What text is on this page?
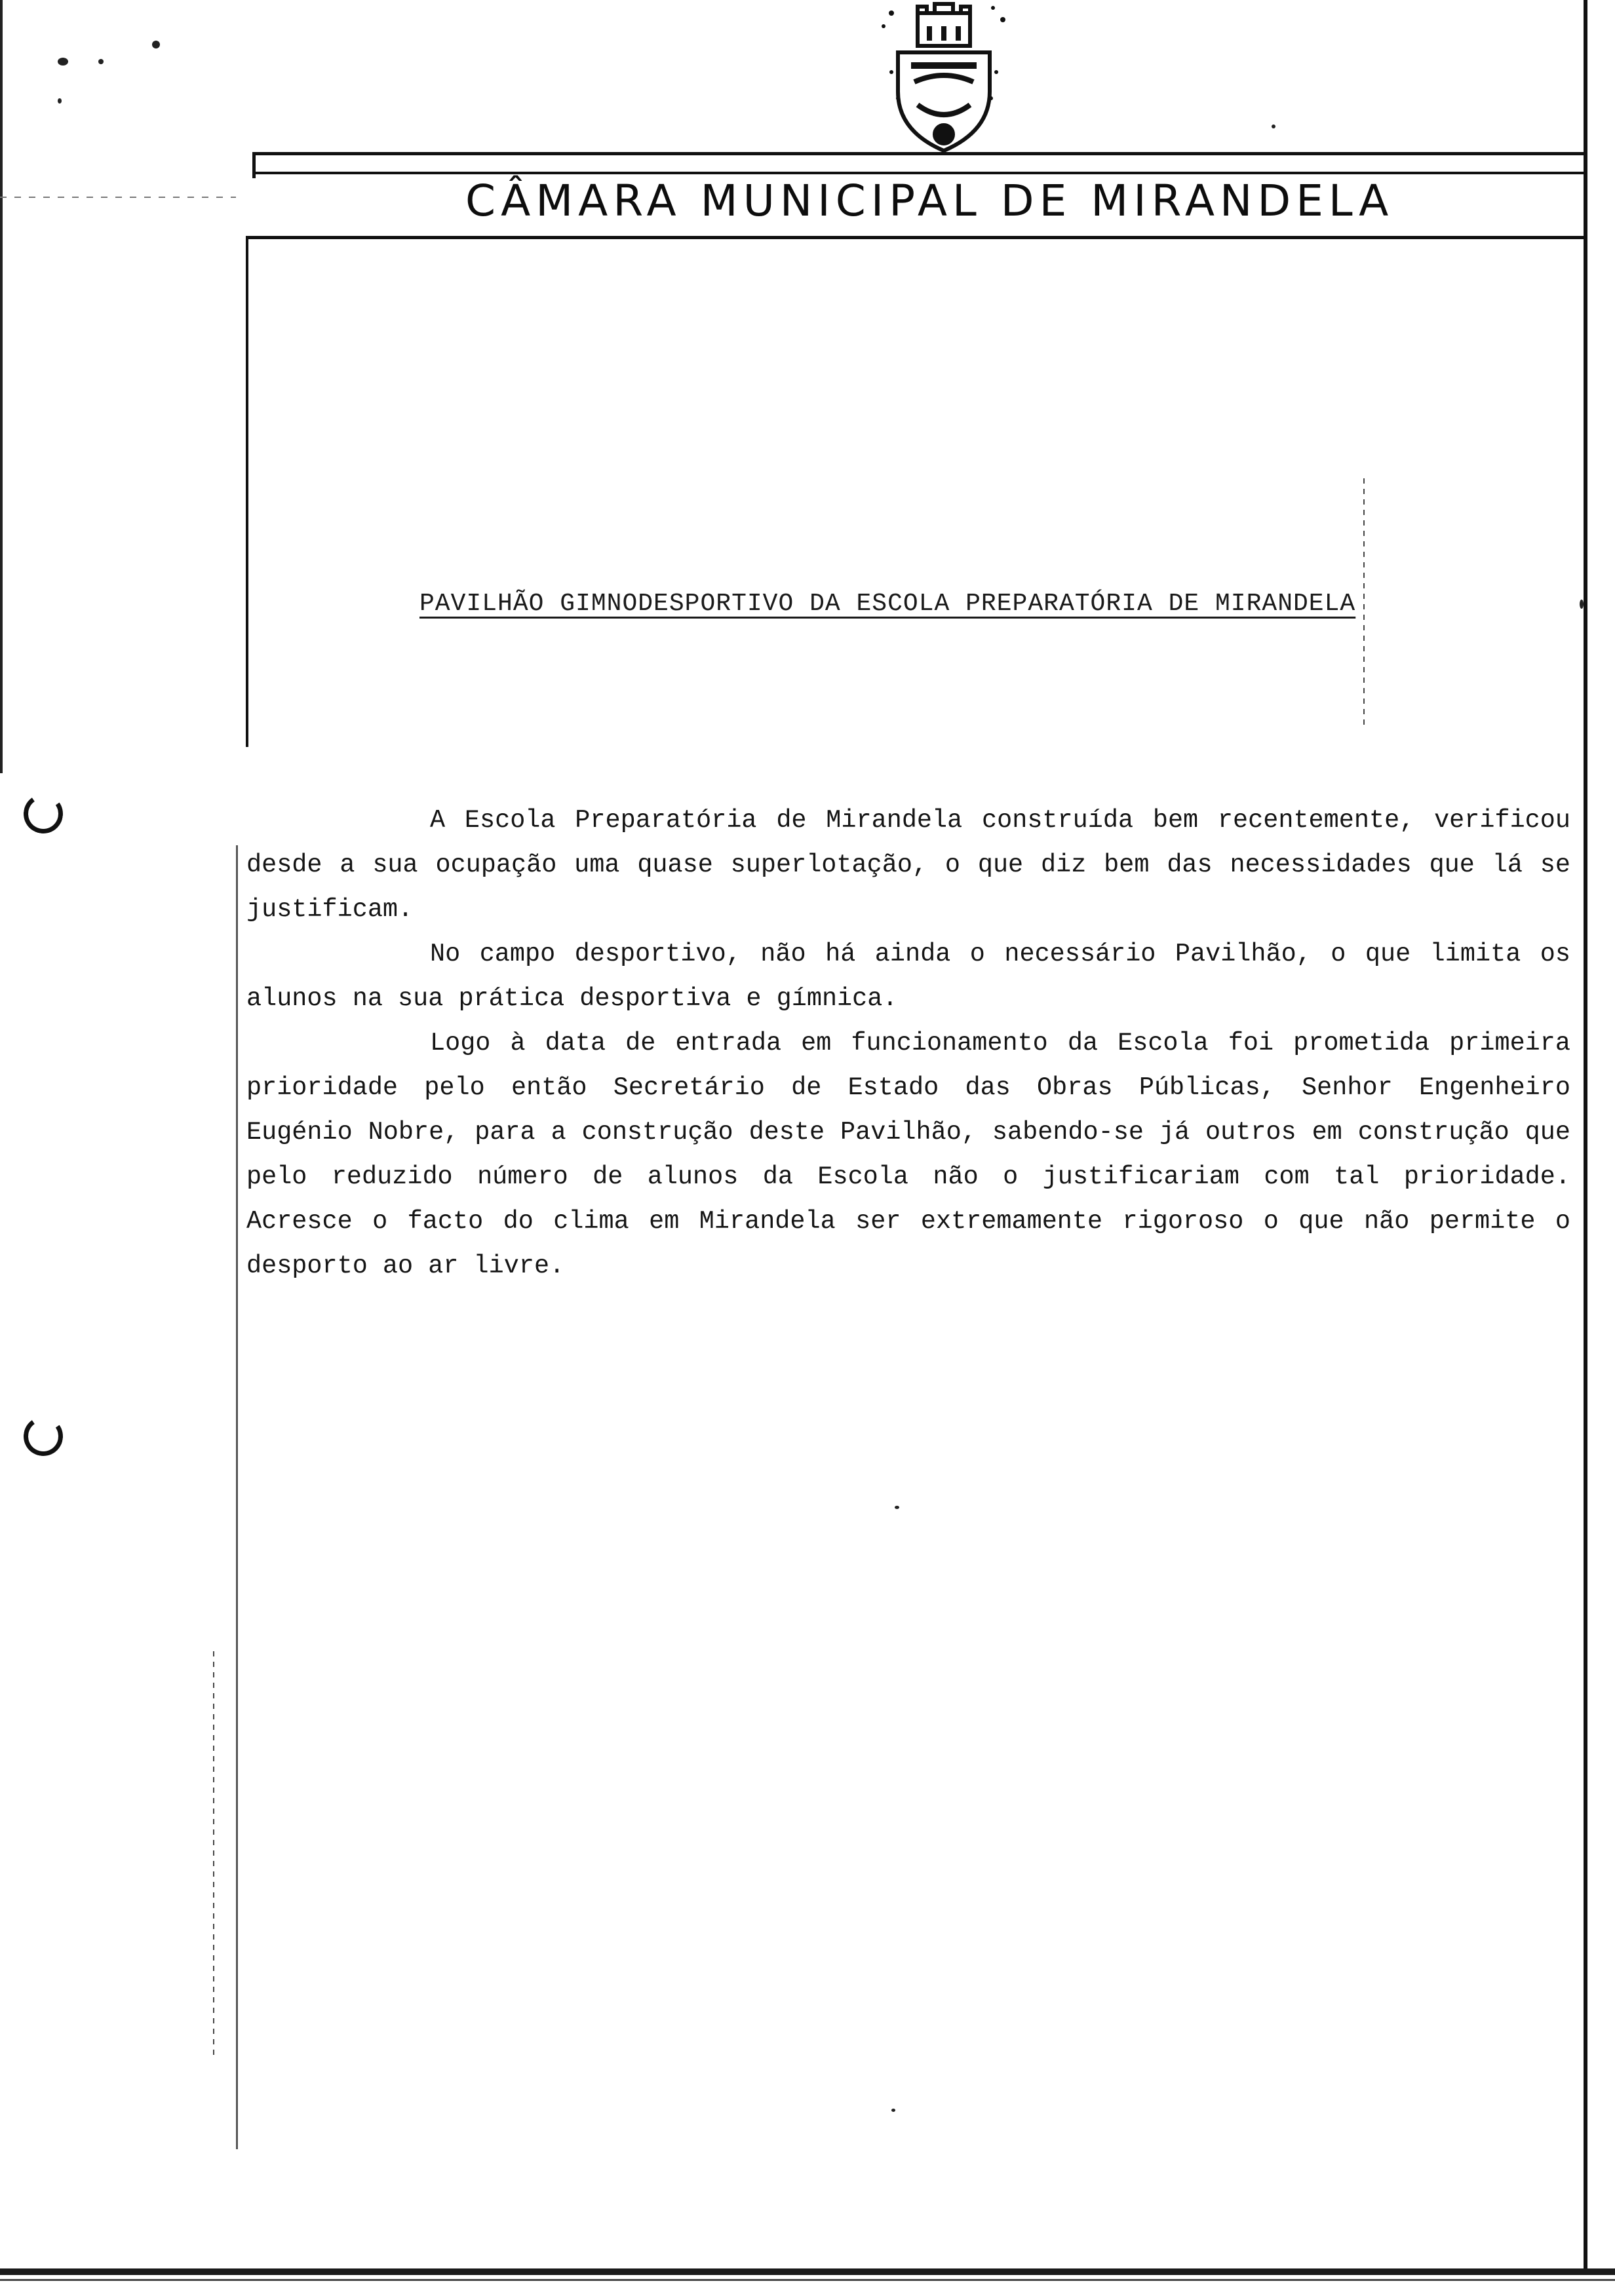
CÂMARA MUNICIPAL DE MIRANDELA
PAVILHÃO GIMNODESPORTIVO DA ESCOLA PREPARATÓRIA DE MIRANDELA

A Escola Preparatória de Mirandela construída bem recentemente, verificou desde a sua ocupação uma quase superlotação, o que diz bem das necessidades que lá se justificam.

No campo desportivo, não há ainda o necessário Pavilhão, o que limita os alunos na sua prática desportiva e gímnica.

Logo à data de entrada em funcionamento da Escola foi prometida primeira prioridade pelo então Secretário de Estado das Obras Públicas, Senhor Engenheiro Eugénio Nobre, para a construção deste Pavilhão, sabendo-se já outros em construção que pelo reduzido número de alunos da Escola não o justificariam com tal prioridade. Acresce o facto do clima em Mirandela ser extremamente rigoroso o que não permite o desporto ao ar livre.
